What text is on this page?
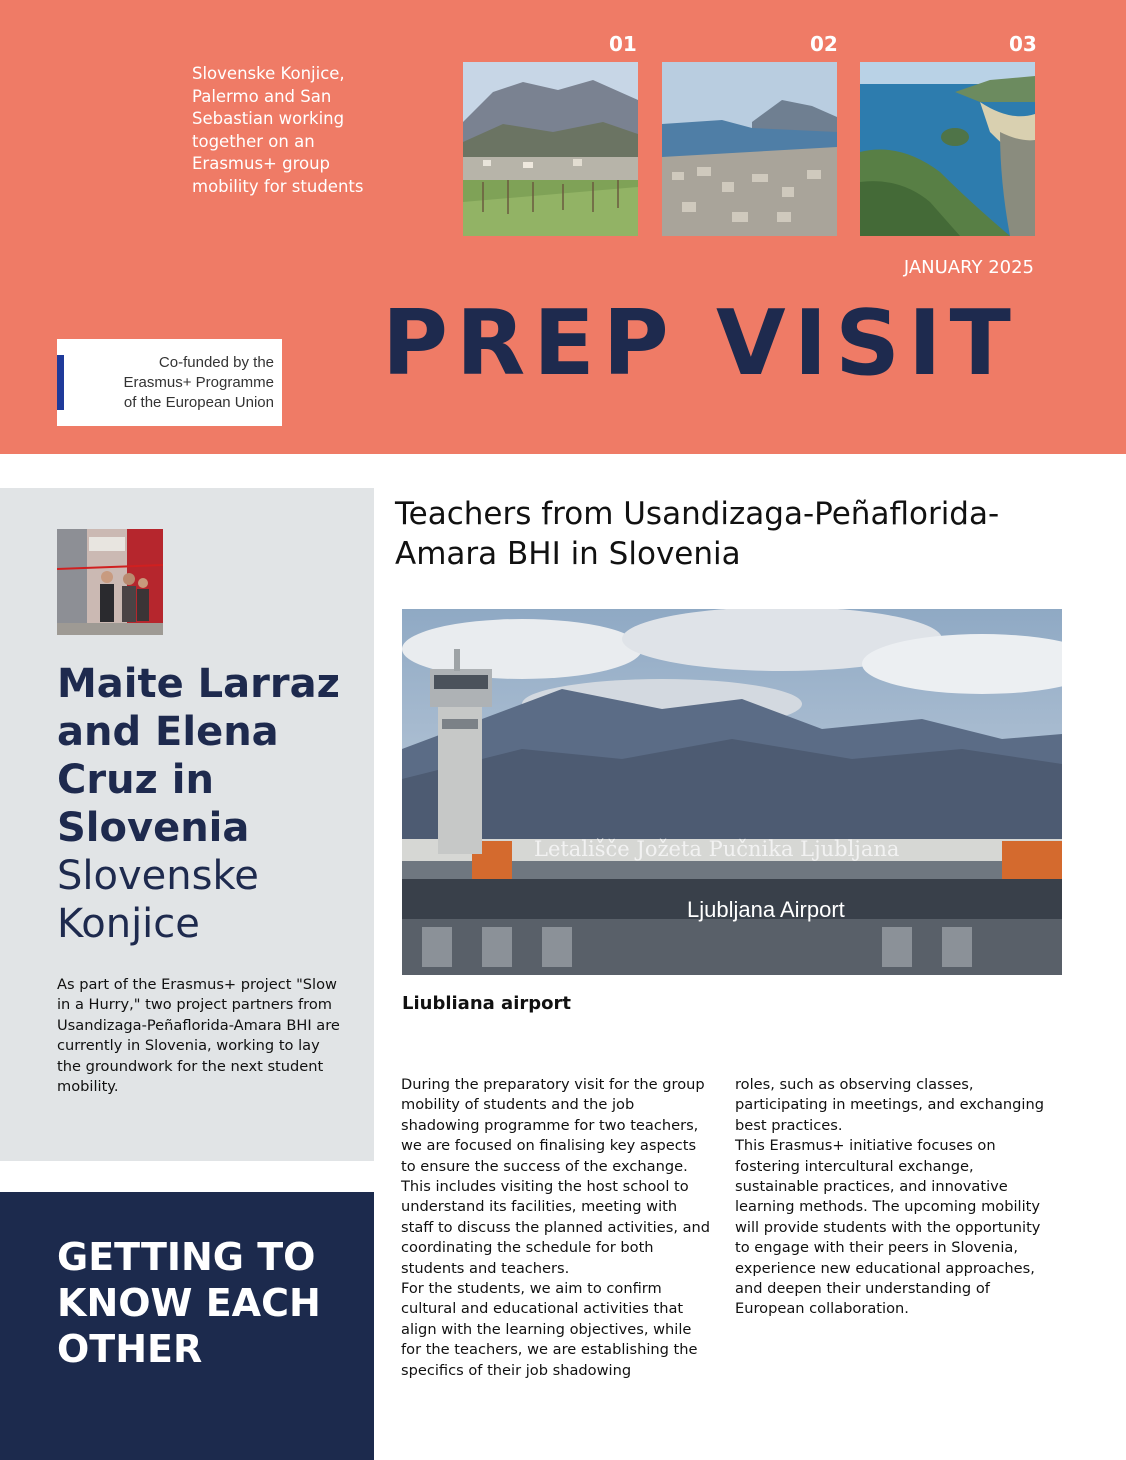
Slovenske Konjice, Palermo and San Sebastian working together on an Erasmus+ group mobility for students

01	02	03
JANUARY 2025
PREP VISIT
Co-funded by the
Erasmus+ Programme
of the European Union
Maite Larraz and Elena Cruz in Slovenia
Slovenske Konjice

As part of the Erasmus+ project "Slow in a Hurry," two project partners from Usandizaga-Peñaflorida-Amara BHI are currently in Slovenia, working to lay the groundwork for the next student mobility.

GETTING TO KNOW EACH OTHER
Teachers from Usandizaga-Peñaflorida-Amara BHI in Slovenia
Letališče Jožeta Pučnika Ljubljana
Ljubljana Airport
Liubliana airport

During the preparatory visit for the group mobility of students and the job shadowing programme for two teachers, we are focused on finalising key aspects to ensure the success of the exchange. This includes visiting the host school to understand its facilities, meeting with staff to discuss the planned activities, and coordinating the schedule for both students and teachers.
For the students, we aim to confirm cultural and educational activities that align with the learning objectives, while for the teachers, we are establishing the specifics of their job shadowing

roles, such as observing classes, participating in meetings, and exchanging best practices.
This Erasmus+ initiative focuses on fostering intercultural exchange, sustainable practices, and innovative learning methods. The upcoming mobility will provide students with the opportunity to engage with their peers in Slovenia, experience new educational approaches, and deepen their understanding of European collaboration.
